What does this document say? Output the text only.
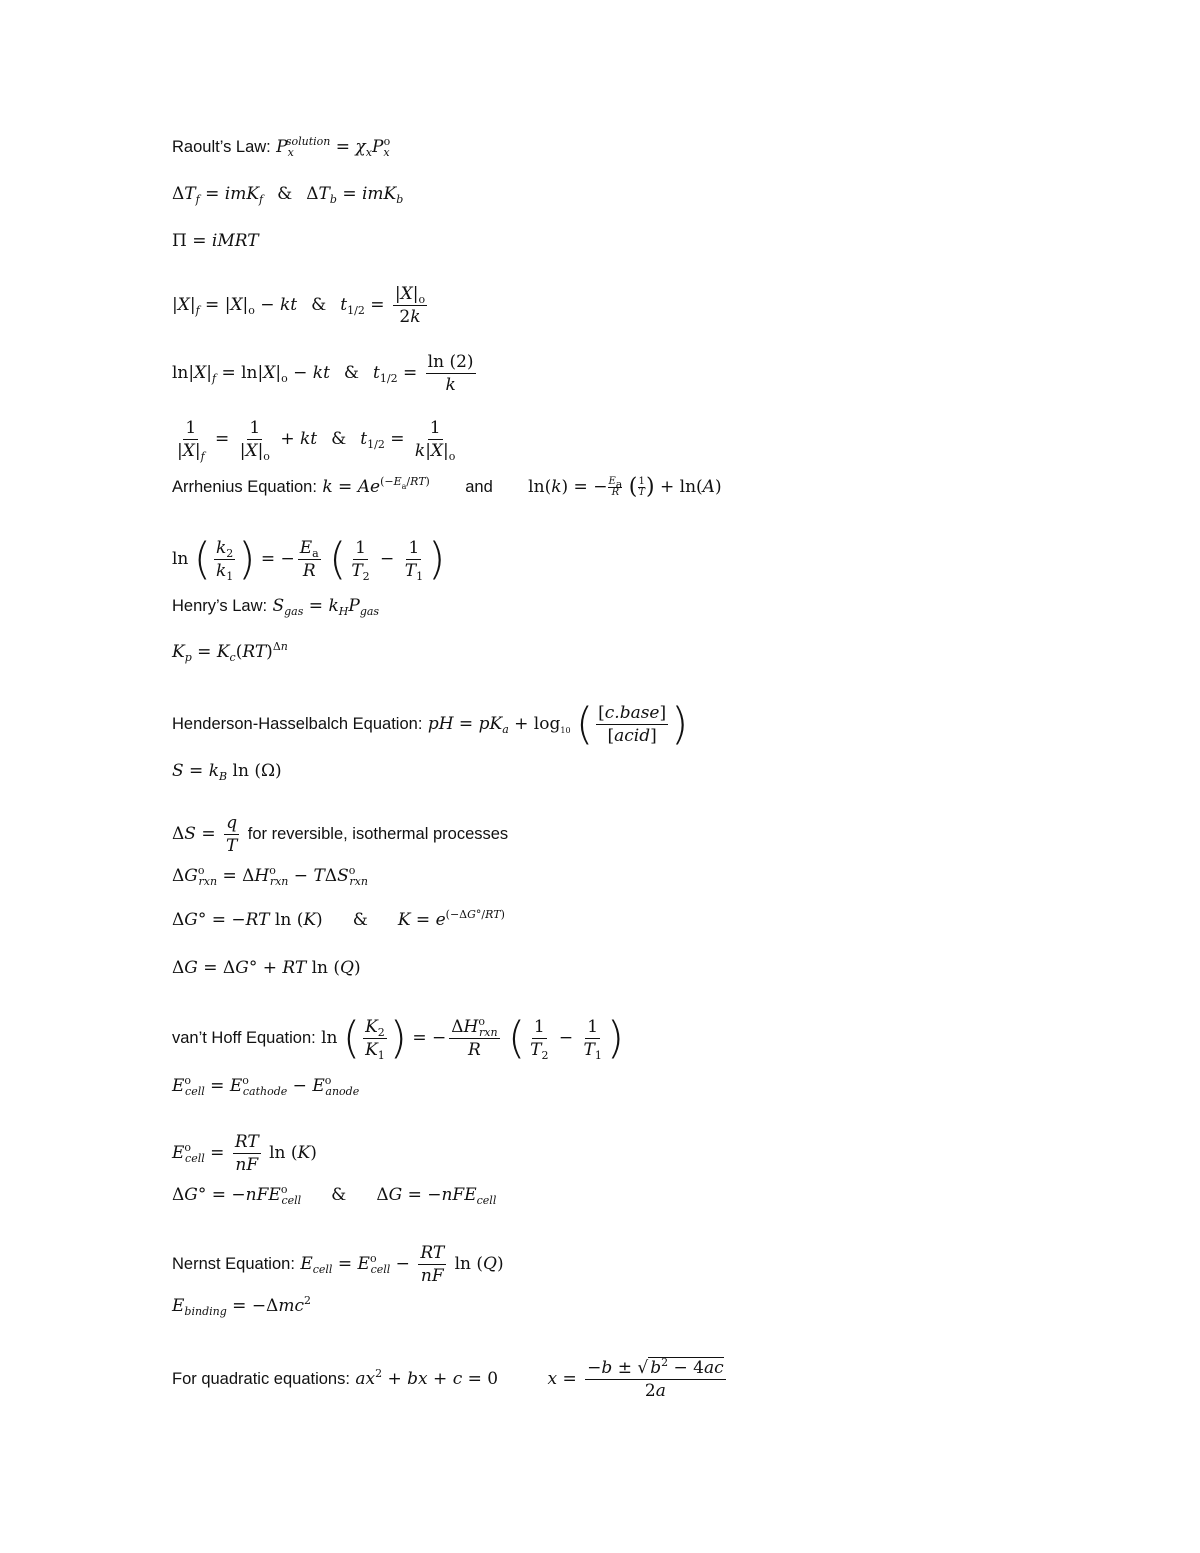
Raoult’s Law: $P_x^{solution} = \chi_xP_x^o$
$\Delta T_f = imK_f$ & $\Delta T_b = imK_b$
Π = iMRT
$|X|_f = |X|_o$ − kt & $t_{1/2} = \frac{|X|_o}{2k}$
$\ln|X|_f = \ln|X|_o$ − kt & $t_{1/2} = \frac{\ln (2)}{k}$
$\frac{1}{|X|_f} = \frac{1}{|X|_o}$ + kt & $t_{1/2} = \frac{1}{k|X|_o}$
Arrhenius Equation: $k = Ae^{(-E_a/RT)}$ and ln(k) = − $\frac{E_a}{R}$ ( $\frac{1}{T}$ ) + ln(A)
ln ( $\frac{k_2}{k_1}$ ) = − $\frac{E_a}{R}$ ( $\frac{1}{T_2} - \frac{1}{T_1}$ )
Henry’s Law: $S_{gas} = k_HP_{gas}$
$K_p = K_c(RT)^{\Delta n}$
Henderson-Hasselbalch Equation: pH = $pK_a + \log_{10}$ ( $\frac{\text{[c.base]}}{\text{[acid]}}$ )
$S = k_B$ ln (Ω)
$\Delta S = \frac{q}{T}$ for reversible, isothermal processes
$\Delta G^o_{rxn} = \Delta H^o_{rxn} - T\Delta S^o_{rxn}$
ΔG° = −RT ln (K) & $K = e^{(-\Delta G^\circ/RT)}$
ΔG = ΔG° + RT ln (Q)
van’t Hoff Equation: ln ( $\frac{K_2}{K_1}$ ) = − $\frac{\Delta H^o_{rxn}}{R}$ ( $\frac{1}{T_2} - \frac{1}{T_1}$ )
$E^o_{cell} = E^o_{cathode} - E^o_{anode}$
$E^o_{cell} = \frac{RT}{nF}$ ln (K)
ΔG° = −nFE$^o_{cell}$ & ΔG = −nFE$_{cell}$
Nernst Equation: $E_{cell} = E^o_{cell} - \frac{RT}{nF}$ ln (Q)
$E_{binding} = -\Delta mc^2$
For quadratic equations: $ax^2$ + bx + c = 0	$x = \frac{-b \pm √ b^2 - 4ac}{2a}$
